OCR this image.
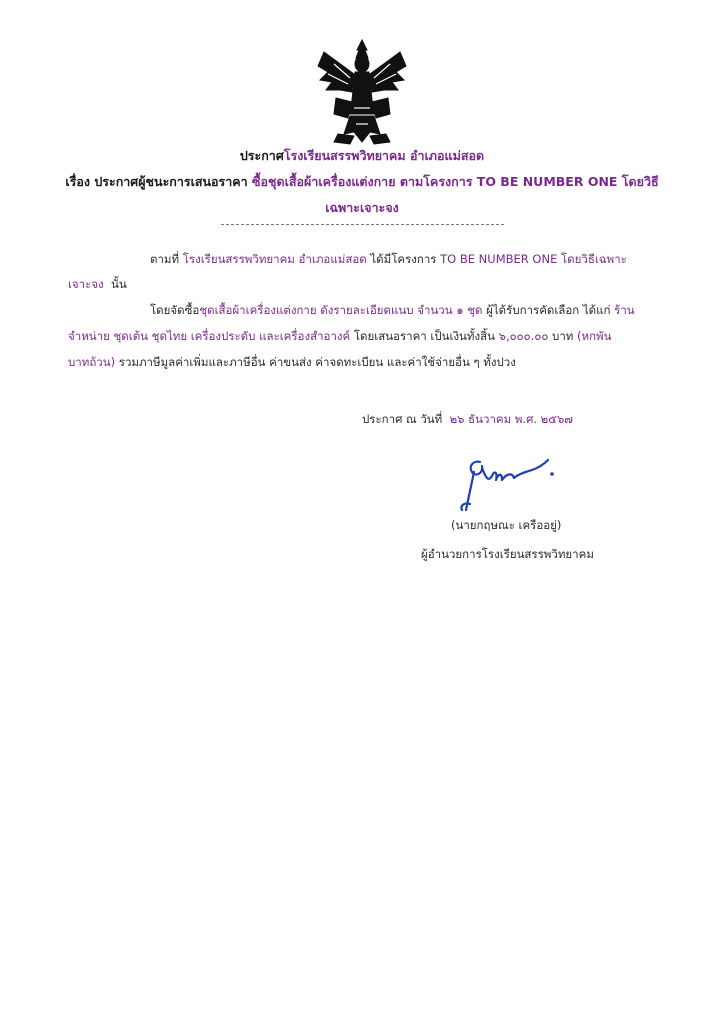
ประกาศโรงเรียนสรรพวิทยาคม อำเภอแม่สอด
เรื่อง ประกาศผู้ชนะการเสนอราคา ซื้อชุดเสื้อผ้าเครื่องแต่งกาย ตามโครงการ TO BE NUMBER ONE โดยวิธี
เฉพาะเจาะจง
ตามที่ โรงเรียนสรรพวิทยาคม อำเภอแม่สอด ได้มีโครงการ TO BE NUMBER ONE โดยวิธีเฉพาะ
เจาะจง นั้น
โดยจัดซื้อชุดเสื้อผ้าเครื่องแต่งกาย ดังรายละเอียดแนบ จำนวน ๑ ชุด ผู้ได้รับการคัดเลือก ได้แก่ ร้าน
จำหน่าย ชุดเต้น ชุดไทย เครื่องประดับ และเครื่องสำอางค์ โดยเสนอราคา เป็นเงินทั้งสิ้น ๖,๐๐๐.๐๐ บาท (หกพัน
บาทถ้วน) รวมภาษีมูลค่าเพิ่มและภาษีอื่น ค่าขนส่ง ค่าจดทะเบียน และค่าใช้จ่ายอื่น ๆ ทั้งปวง
ประกาศ ณ วันที่ ๒๖ ธันวาคม พ.ศ. ๒๕๖๗
(นายกฤษณะ เครืออยู่)
ผู้อำนวยการโรงเรียนสรรพวิทยาคม
